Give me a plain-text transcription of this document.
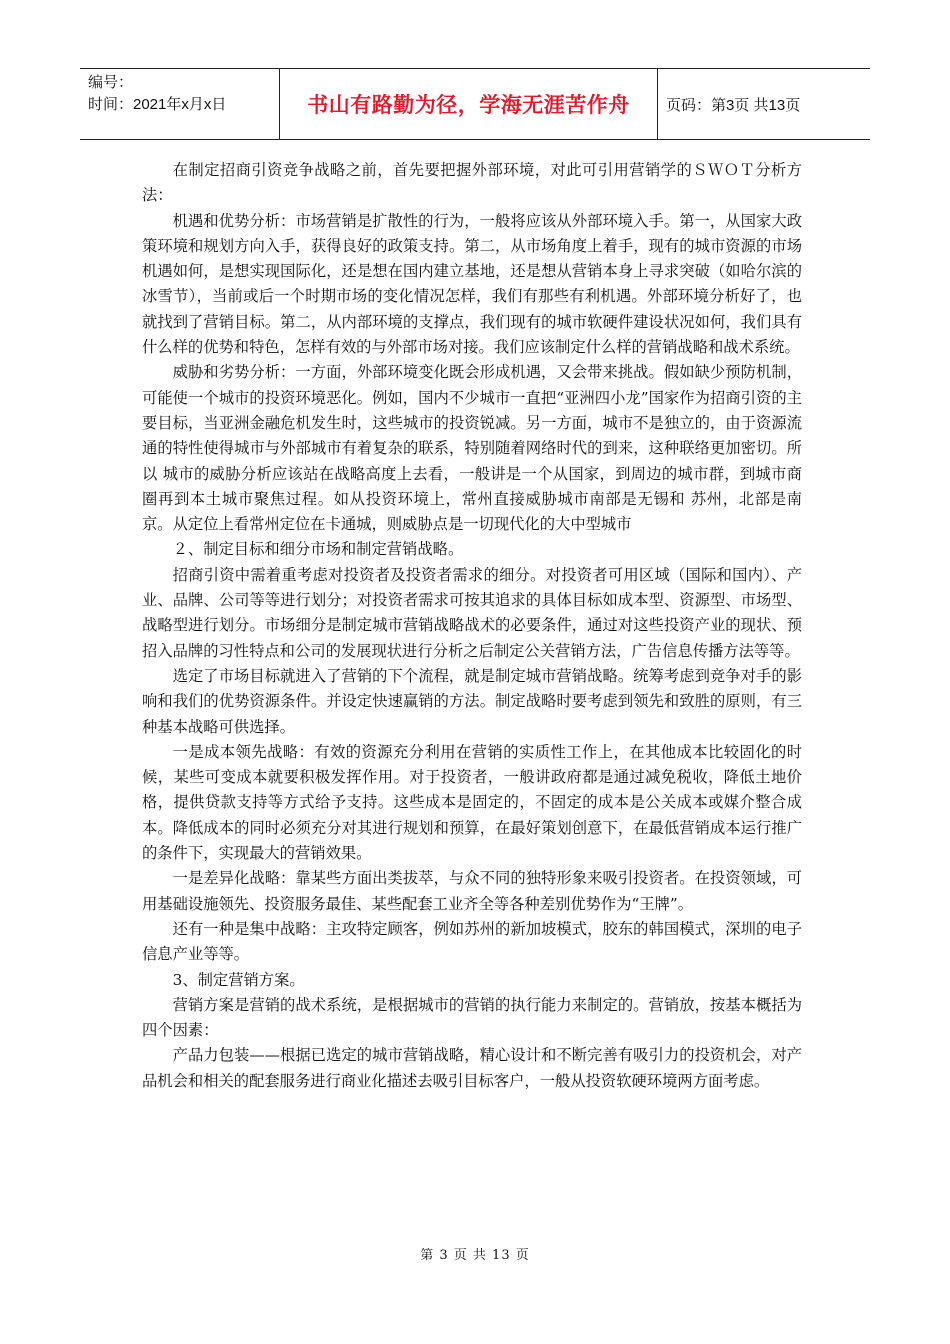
编号：
时间：2021年x月x日	书山有路勤为径，学海无涯苦作舟 页码：第3页 共13页

在制定招商引资竞争战略之前，首先要把握外部环境，对此可引用营销学的ＳＷＯＴ分析方法：

机遇和优势分析：市场营销是扩散性的行为，一般将应该从外部环境入手。第一，从国家大政策环境和规划方向入手，获得良好的政策支持。第二，从市场角度上着手，现有的城市资源的市场机遇如何，是想实现国际化，还是想在国内建立基地，还是想从营销本身上寻求突破（如哈尔滨的冰雪节），当前或后一个时期市场的变化情况怎样，我们有那些有利机遇。外部环境分析好了，也就找到了营销目标。第二，从内部环境的支撑点，我们现有的城市软硬件建设状况如何，我们具有什么样的优势和特色，怎样有效的与外部市场对接。我们应该制定什么样的营销战略和战术系统。

威胁和劣势分析：一方面，外部环境变化既会形成机遇，又会带来挑战。假如缺少预防机制，可能使一个城市的投资环境恶化。例如，国内不少城市一直把“亚洲四小龙”国家作为招商引资的主要目标，当亚洲金融危机发生时，这些城市的投资锐减。另一方面，城市不是独立的，由于资源流通的特性使得城市与外部城市有着复杂的联系，特别随着网络时代的到来，这种联络更加密切。所以 城市的威胁分析应该站在战略高度上去看，一般讲是一个从国家，到周边的城市群，到城市商圈再到本土城市聚焦过程。如从投资环境上，常州直接威胁城市南部是无锡和 苏州，北部是南京。从定位上看常州定位在卡通城，则威胁点是一切现代化的大中型城市

２、制定目标和细分市场和制定营销战略。

招商引资中需着重考虑对投资者及投资者需求的细分。对投资者可用区域（国际和国内）、产业、品牌、公司等等进行划分；对投资者需求可按其追求的具体目标如成本型、资源型、市场型、战略型进行划分。市场细分是制定城市营销战略战术的必要条件，通过对这些投资产业的现状、预招入品牌的习性特点和公司的发展现状进行分析之后制定公关营销方法，广告信息传播方法等等。

选定了市场目标就进入了营销的下个流程，就是制定城市营销战略。统筹考虑到竞争对手的影响和我们的优势资源条件。并设定快速赢销的方法。制定战略时要考虑到领先和致胜的原则，有三种基本战略可供选择。

一是成本领先战略：有效的资源充分利用在营销的实质性工作上，在其他成本比较固化的时候，某些可变成本就要积极发挥作用。对于投资者，一般讲政府都是通过减免税收，降低土地价格，提供贷款支持等方式给予支持。这些成本是固定的，不固定的成本是公关成本或媒介整合成本。降低成本的同时必须充分对其进行规划和预算，在最好策划创意下，在最低营销成本运行推广的条件下，实现最大的营销效果。

一是差异化战略：靠某些方面出类拔萃，与众不同的独特形象来吸引投资者。在投资领域，可用基础设施领先、投资服务最佳、某些配套工业齐全等各种差别优势作为“王牌”。

还有一种是集中战略：主攻特定顾客，例如苏州的新加坡模式，胶东的韩国模式，深圳的电子信息产业等等。

3、制定营销方案。

营销方案是营销的战术系统，是根据城市的营销的执行能力来制定的。营销放，按基本概括为四个因素：

产品力包装——根据已选定的城市营销战略，精心设计和不断完善有吸引力的投资机会，对产品机会和相关的配套服务进行商业化描述去吸引目标客户，一般从投资软硬环境两方面考虑。

第 3 页 共 13 页
